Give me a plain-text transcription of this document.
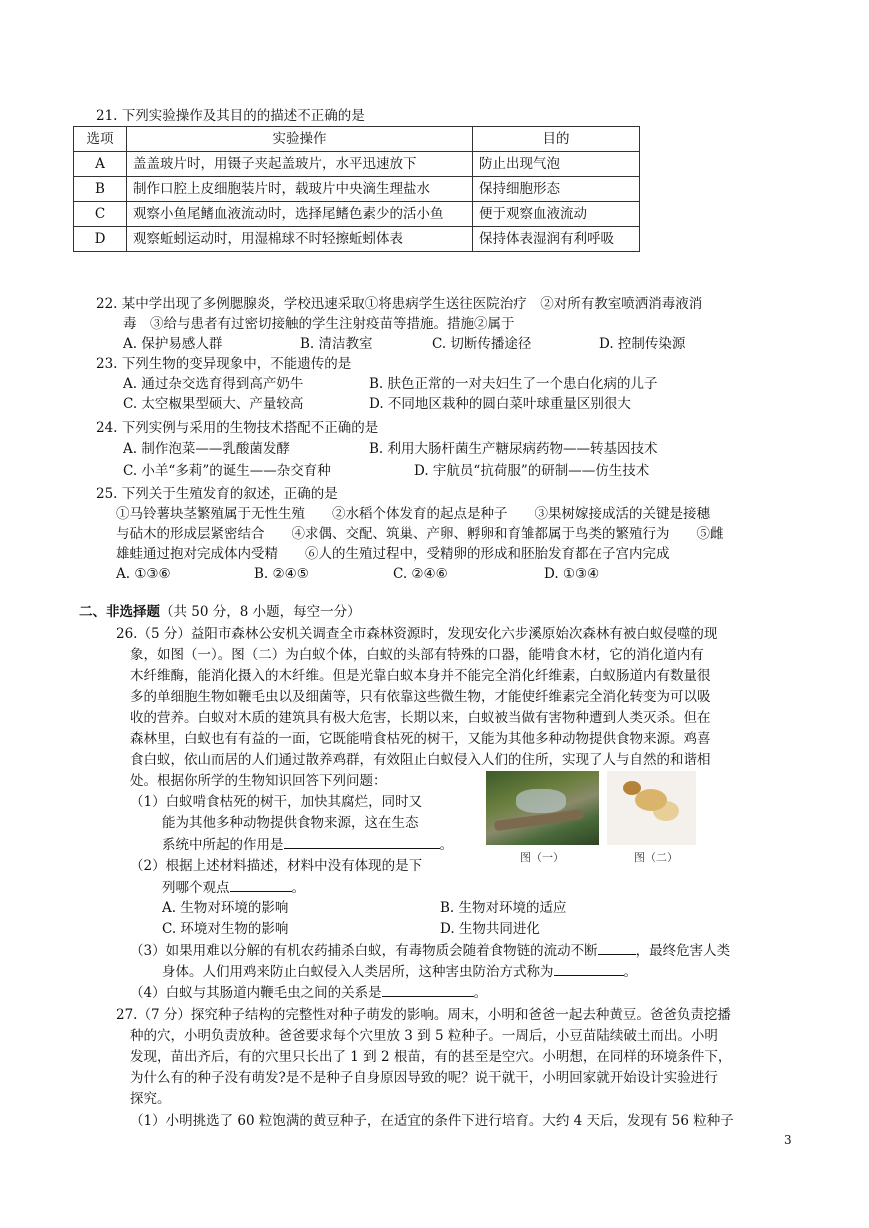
21. 下列实验操作及其目的的描述不正确的是
选项	实验操作	目的
A	盖盖玻片时，用镊子夹起盖玻片，水平迅速放下	防止出现气泡
B	制作口腔上皮细胞装片时，载玻片中央滴生理盐水	保持细胞形态
C	观察小鱼尾鳍血液流动时，选择尾鳍色素少的活小鱼	便于观察血液流动
D	观察蚯蚓运动时，用湿棉球不时轻擦蚯蚓体表	保持体表湿润有利呼吸
22. 某中学出现了多例腮腺炎，学校迅速采取①将患病学生送往医院治疗　②对所有教室喷洒消毒液消
毒　③给与患者有过密切接触的学生注射疫苗等措施。措施②属于
A. 保护易感人群	B. 清洁教室	C. 切断传播途径	D. 控制传染源
23. 下列生物的变异现象中，不能遗传的是
A. 通过杂交选育得到高产奶牛	B. 肤色正常的一对夫妇生了一个患白化病的儿子
C. 太空椒果型硕大、产量较高	D. 不同地区栽种的圆白菜叶球重量区别很大
24. 下列实例与采用的生物技术搭配不正确的是
A. 制作泡菜——乳酸菌发酵	B. 利用大肠杆菌生产糖尿病药物——转基因技术
C. 小羊“多莉”的诞生——杂交育种	D. 宇航员“抗荷服”的研制——仿生技术
25. 下列关于生殖发育的叙述，正确的是
①马铃薯块茎繁殖属于无性生殖　　②水稻个体发育的起点是种子　　③果树嫁接成活的关键是接穗
与砧木的形成层紧密结合　　④求偶、交配、筑巢、产卵、孵卵和育雏都属于鸟类的繁殖行为　　⑤雌
雄蛙通过抱对完成体内受精　　⑥人的生殖过程中，受精卵的形成和胚胎发育都在子宫内完成
A. ①③⑥	B. ②④⑤	C. ②④⑥	D. ①③④
二、非选择题（共 50 分，8 小题，每空一分）
26.（5 分）益阳市森林公安机关调查全市森林资源时，发现安化六步溪原始次森林有被白蚁侵噬的现
象，如图（一）。图（二）为白蚁个体，白蚁的头部有特殊的口器，能啃食木材，它的消化道内有
木纤维酶，能消化摄入的木纤维。但是光靠白蚁本身并不能完全消化纤维素，白蚁肠道内有数量很
多的单细胞生物如鞭毛虫以及细菌等，只有依靠这些微生物，才能使纤维素完全消化转变为可以吸
收的营养。白蚁对木质的建筑具有极大危害，长期以来，白蚁被当做有害物种遭到人类灭杀。但在
森林里，白蚁也有有益的一面，它既能啃食枯死的树干，又能为其他多种动物提供食物来源。鸡喜
食白蚁，依山而居的人们通过散养鸡群，有效阻止白蚁侵入人们的住所，实现了人与自然的和谐相
处。根据你所学的生物知识回答下列问题：
（1）白蚁啃食枯死的树干，加快其腐烂，同时又
能为其他多种动物提供食物来源，这在生态
系统中所起的作用是	。
（2）根据上述材料描述，材料中没有体现的是下
列哪个观点	。
A. 生物对环境的影响	B. 生物对环境的适应
C. 环境对生物的影响	D. 生物共同进化
（3）如果用难以分解的有机农药捕杀白蚁，有毒物质会随着食物链的流动不断	，最终危害人类
身体。人们用鸡来防止白蚁侵入人类居所，这种害虫防治方式称为	。
（4）白蚁与其肠道内鞭毛虫之间的关系是	。
图（一）	图（二）
27.（7 分）探究种子结构的完整性对种子萌发的影响。周末，小明和爸爸一起去种黄豆。爸爸负责挖播
种的穴，小明负责放种。爸爸要求每个穴里放 3 到 5 粒种子。一周后，小豆苗陆续破土而出。小明
发现，苗出齐后，有的穴里只长出了 1 到 2 根苗，有的甚至是空穴。小明想，在同样的环境条件下，
为什么有的种子没有萌发?是不是种子自身原因导致的呢？说干就干，小明回家就开始设计实验进行
探究。
（1）小明挑选了 60 粒饱满的黄豆种子，在适宜的条件下进行培育。大约 4 天后，发现有 56 粒种子
3
